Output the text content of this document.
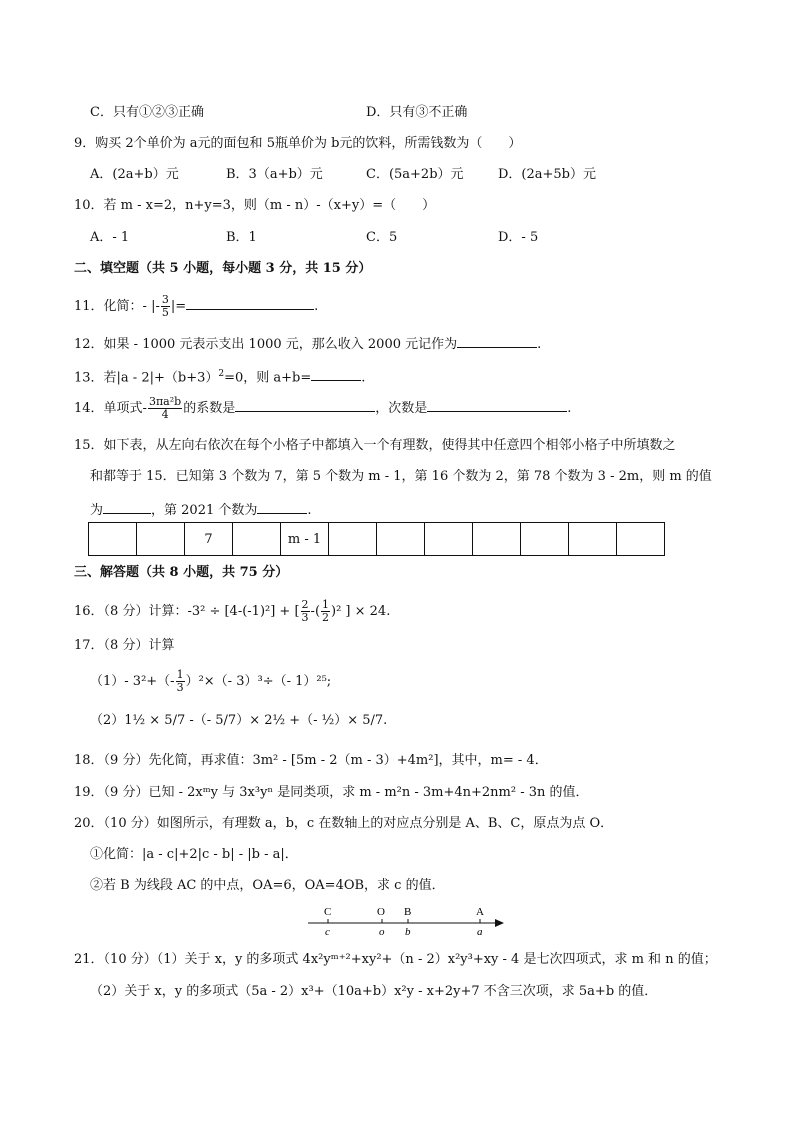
C．只有①②③正确	D．只有③不正确
9．购买 2个单价为 a元的面包和 5瓶单价为 b元的饮料，所需钱数为（　　）
A．(2a+b）元	B．3（a+b）元	C．(5a+2b）元	D．(2a+5b）元
10．若 m - x=2，n+y=3，则（m - n）-（x+y）=（　　）
A．- 1	B．1	C．5	D．- 5
二、填空题（共 5 小题，每小题 3 分，共 15 分）
11．化简：- |- $\frac{3}{5}$ |=	.
12．如果 - 1000 元表示支出 1000 元，那么收入 2000 元记作为	.
13．若$|a - 2|+(b+3)^2=0$，则 a+b=	.
14．单项式- $\frac{\text{3πa²b}}{4}$ 的系数是	，次数是	.
15．如下表，从左向右依次在每个小格子中都填入一个有理数，使得其中任意四个相邻小格子中所填数之
和都等于 15．已知第 3 个数为 7，第 5 个数为 m - 1，第 16 个数为 2，第 78 个数为 3 - 2m，则 m 的值
为	，第 2021 个数为	.
		7		m - 1							
三、解答题（共 8 小题，共 75 分）
16．（8 分）计算：-3² ÷ [4-(-1)²] + [ $\frac{2}{3}$ -( $\frac{1}{2} )^2$ ] × 24.
17．（8 分）计算
（1）- $3^2+(- \frac{1}{3} )^2\times(-$ 3）³÷（- 1）²⁵;
（2）1½ × 5/7 -（- 5/7）× 2½ +（- ½）× 5/7.
18．（9 分）先化简，再求值：3m² - [5m - 2（m - 3）+4m²]，其中，m= - 4．
19．（9 分）已知 - 2xᵐy 与 3x³yⁿ 是同类项，求 m - m²n - 3m+4n+2nm² - 3n 的值．
20．（10 分）如图所示，有理数 a，b，c 在数轴上的对应点分别是 A、B、C，原点为点 O．
①化简：|a - c|+2|c - b| - |b - a|．
②若 B 为线段 AC 的中点，OA=6，OA=4OB，求 c 的值．
C	O B	A
c	o b	a
21．（10 分）（1）关于 x，y 的多项式 4x²yᵐ⁺²+xy²+（n - 2）x²y³+xy - 4 是七次四项式，求 m 和 n 的值；
（2）关于 x，y 的多项式（5a - 2）x³+（10a+b）x²y - x+2y+7 不含三次项，求 5a+b 的值．
